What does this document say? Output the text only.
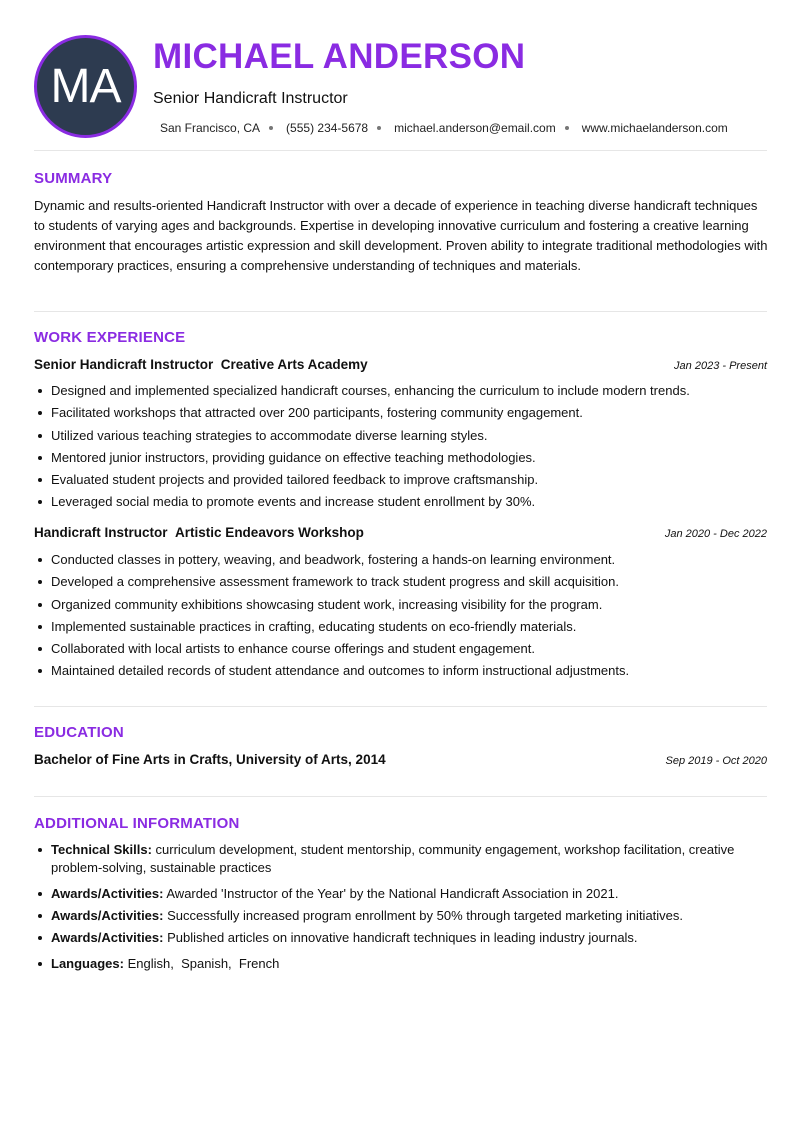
MA
MICHAEL ANDERSON
Senior Handicraft Instructor
San Francisco, CA (555) 234-5678 michael.anderson@email.com www.michaelanderson.com
SUMMARY

Dynamic and results-oriented Handicraft Instructor with over a decade of experience in teaching diverse handicraft techniques to students of varying ages and backgrounds. Expertise in developing innovative curriculum and fostering a creative learning environment that encourages artistic expression and skill development. Proven ability to integrate traditional methodologies with contemporary practices, ensuring a comprehensive understanding of techniques and materials.

WORK EXPERIENCE
Senior Handicraft Instructor Creative Arts Academy	Jan 2023 - Present
Designed and implemented specialized handicraft courses, enhancing the curriculum to include modern trends.
Facilitated workshops that attracted over 200 participants, fostering community engagement.
Utilized various teaching strategies to accommodate diverse learning styles.
Mentored junior instructors, providing guidance on effective teaching methodologies.
Evaluated student projects and provided tailored feedback to improve craftsmanship.
Leveraged social media to promote events and increase student enrollment by 30%.
Handicraft Instructor Artistic Endeavors Workshop	Jan 2020 - Dec 2022
Conducted classes in pottery, weaving, and beadwork, fostering a hands-on learning environment.
Developed a comprehensive assessment framework to track student progress and skill acquisition.
Organized community exhibitions showcasing student work, increasing visibility for the program.
Implemented sustainable practices in crafting, educating students on eco-friendly materials.
Collaborated with local artists to enhance course offerings and student engagement.
Maintained detailed records of student attendance and outcomes to inform instructional adjustments.
EDUCATION
Bachelor of Fine Arts in Crafts, University of Arts, 2014	Sep 2019 - Oct 2020
ADDITIONAL INFORMATION
Technical Skills: curriculum development, student mentorship, community engagement, workshop facilitation, creative problem-solving, sustainable practices
Awards/Activities: Awarded 'Instructor of the Year' by the National Handicraft Association in 2021.
Awards/Activities: Successfully increased program enrollment by 50% through targeted marketing initiatives.
Awards/Activities: Published articles on innovative handicraft techniques in leading industry journals.
Languages: English,  Spanish,  French
